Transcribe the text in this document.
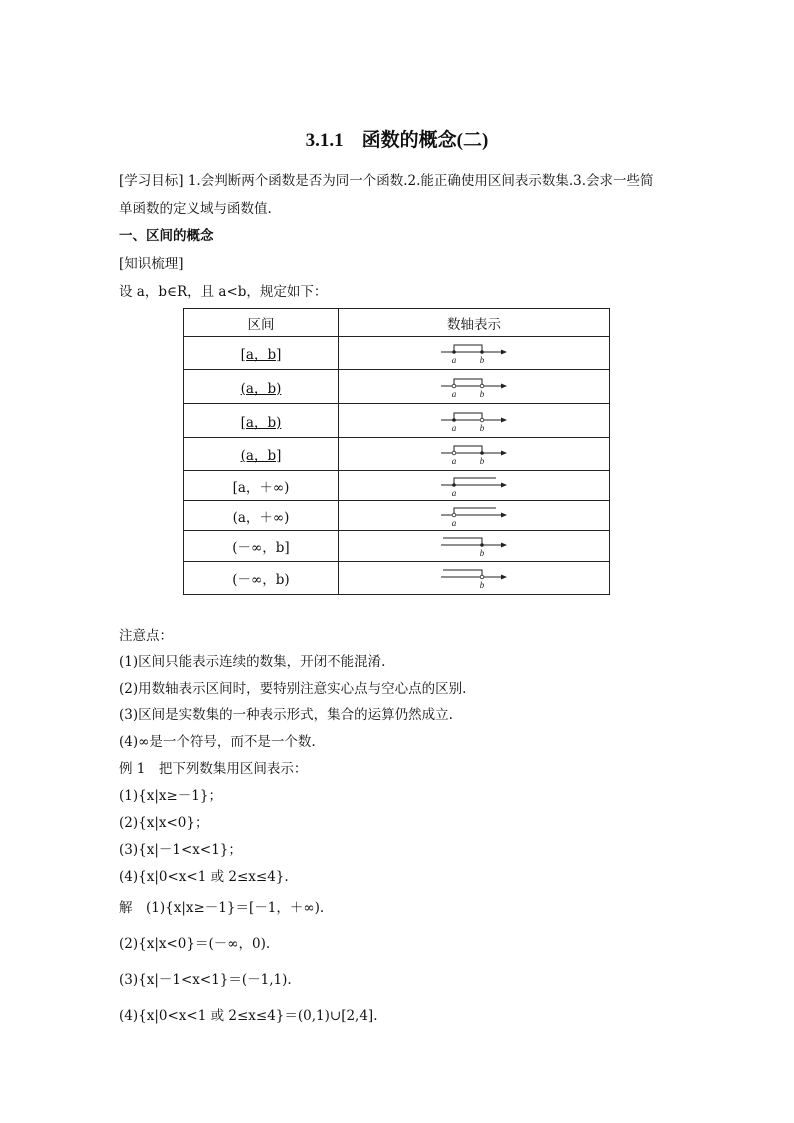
3.1.1 函数的概念(二)
[学习目标] 1.会判断两个函数是否为同一个函数.2.能正确使用区间表示数集.3.会求一些简
单函数的定义域与函数值.
一、区间的概念
[知识梳理]
设 a，b∈R，且 a<b，规定如下：
区间	数轴表示
[a，b]	a b

(a，b)	a b

[a，b)	a b

(a，b]	a b

[a，＋∞)	a

(a，＋∞)	a

(－∞，b]	b

(－∞，b)	b
注意点：
(1)区间只能表示连续的数集，开闭不能混淆.
(2)用数轴表示区间时，要特别注意实心点与空心点的区别.
(3)区间是实数集的一种表示形式，集合的运算仍然成立.
(4)∞是一个符号，而不是一个数.
例 1　把下列数集用区间表示：
(1){x|x≥－1}；
(2){x|x<0}；
(3){x|－1<x<1}；
(4){x|0<x<1 或 2≤x≤4}.
解　(1){x|x≥－1}＝[－1，＋∞).
(2){x|x<0}＝(－∞，0).
(3){x|－1<x<1}＝(－1,1).
(4){x|0<x<1 或 2≤x≤4}＝(0,1)∪[2,4].
